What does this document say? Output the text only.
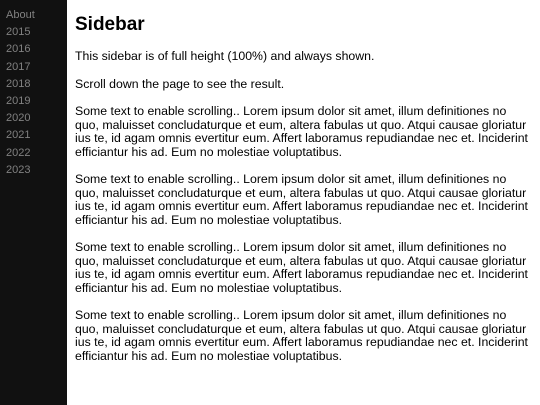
About
2015
2016
2017
2018
2019
2020
2021
2022
2023
Sidebar

This sidebar is of full height (100%) and always shown.

Scroll down the page to see the result.

Some text to enable scrolling.. Lorem ipsum dolor sit amet, illum definitiones no quo, maluisset concludaturque et eum, altera fabulas ut quo. Atqui causae gloriatur ius te, id agam omnis evertitur eum. Affert laboramus repudiandae nec et. Inciderint efficiantur his ad. Eum no molestiae voluptatibus.

Some text to enable scrolling.. Lorem ipsum dolor sit amet, illum definitiones no quo, maluisset concludaturque et eum, altera fabulas ut quo. Atqui causae gloriatur ius te, id agam omnis evertitur eum. Affert laboramus repudiandae nec et. Inciderint efficiantur his ad. Eum no molestiae voluptatibus.

Some text to enable scrolling.. Lorem ipsum dolor sit amet, illum definitiones no quo, maluisset concludaturque et eum, altera fabulas ut quo. Atqui causae gloriatur ius te, id agam omnis evertitur eum. Affert laboramus repudiandae nec et. Inciderint efficiantur his ad. Eum no molestiae voluptatibus.

Some text to enable scrolling.. Lorem ipsum dolor sit amet, illum definitiones no quo, maluisset concludaturque et eum, altera fabulas ut quo. Atqui causae gloriatur ius te, id agam omnis evertitur eum. Affert laboramus repudiandae nec et. Inciderint efficiantur his ad. Eum no molestiae voluptatibus.
